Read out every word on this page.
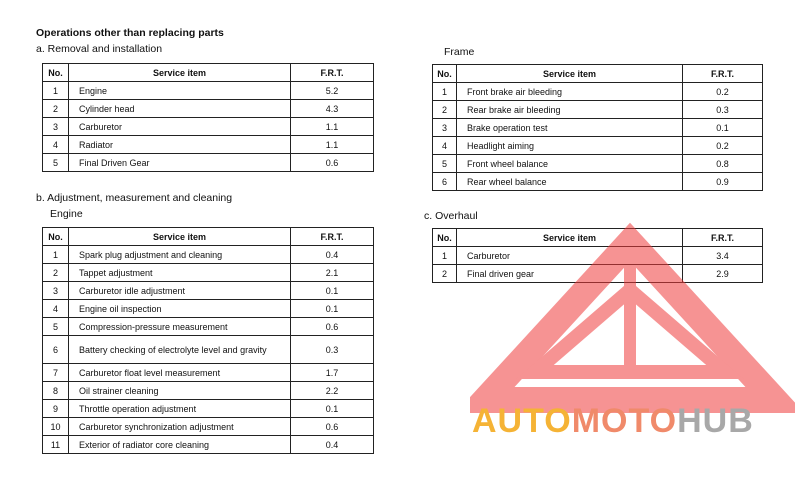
Operations other than replacing parts
a. Removal and installation
b. Adjustment, measurement and cleaning
Engine
Frame
c. Overhaul
No.	Service item	F.R.T.
1	Engine	5.2
2	Cylinder head	4.3
3	Carburetor	1.1
4	Radiator	1.1
5	Final Driven Gear	0.6
No.	Service item	F.R.T.
1	Spark plug adjustment and cleaning	0.4
2	Tappet adjustment	2.1
3	Carburetor idle adjustment	0.1
4	Engine oil inspection	0.1
5	Compression-pressure measurement	0.6
6	Battery checking of electrolyte level and gravity	0.3
7	Carburetor float level measurement	1.7
8	Oil strainer cleaning	2.2
9	Throttle operation adjustment	0.1
10	Carburetor synchronization adjustment	0.6
11	Exterior of radiator core cleaning	0.4
No.	Service item	F.R.T.
1	Front brake air bleeding	0.2
2	Rear brake air bleeding	0.3
3	Brake operation test	0.1
4	Headlight aiming	0.2
5	Front wheel balance	0.8
6	Rear wheel balance	0.9
No.	Service item	F.R.T.
1	Carburetor	3.4
2	Final driven gear	2.9
AUTOMOTOHUB
